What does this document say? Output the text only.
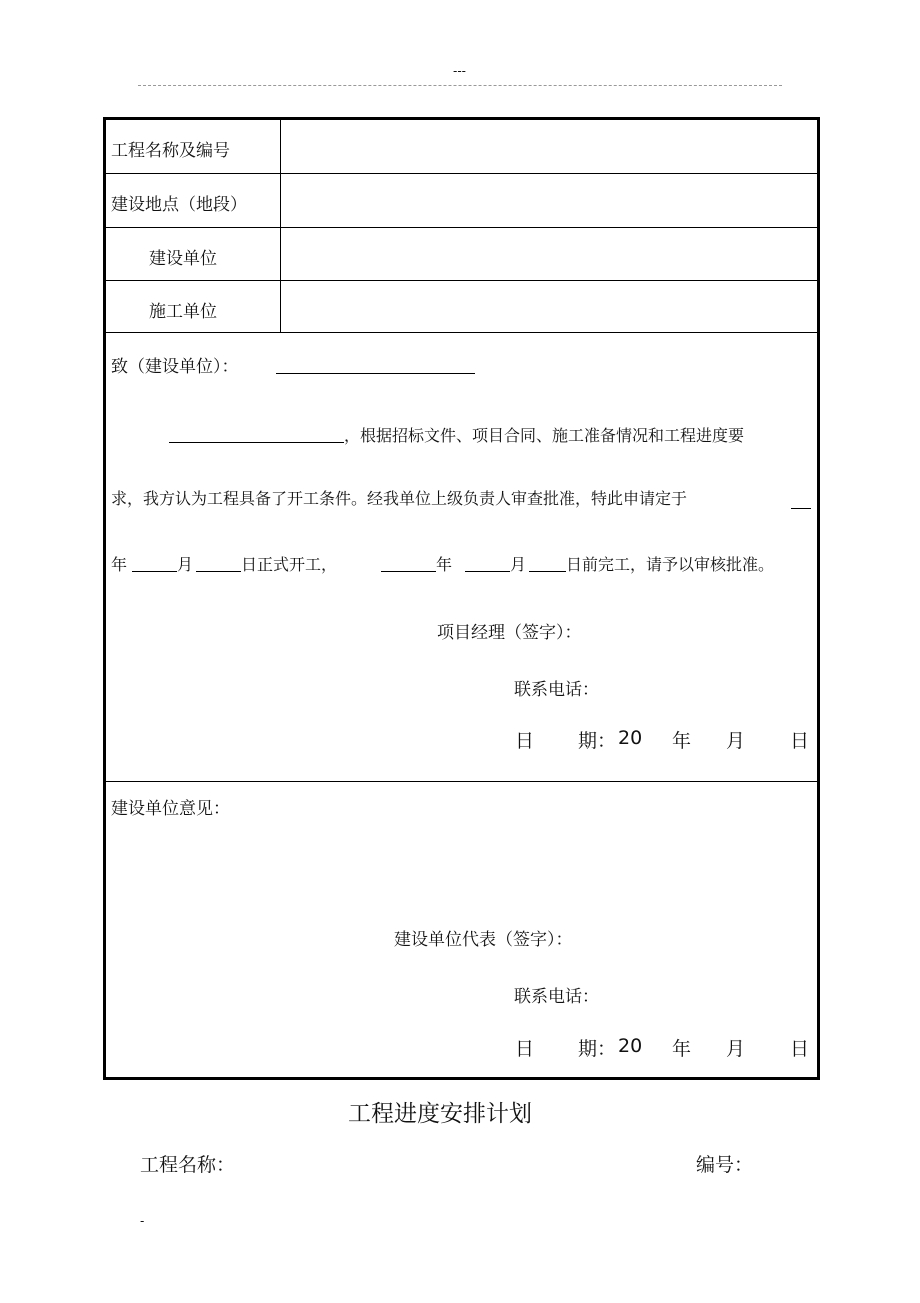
---
工程名称及编号
建设地点（地段）
建设单位
施工单位
致（建设单位）：
，根据招标文件、项目合同、施工准备情况和工程进度要
求，我方认为工程具备了开工条件。经我单位上级负责人审查批准，特此申请定于
年	月	日正式开工，	年	月 日前完工，请予以审核批准。
项目经理（签字）：
联系电话：
日 期： 20 年 月 日
建设单位意见：
建设单位代表（签字）：
联系电话：
日 期： 20 年 月 日
工程进度安排计划
工程名称：	编号：
-
